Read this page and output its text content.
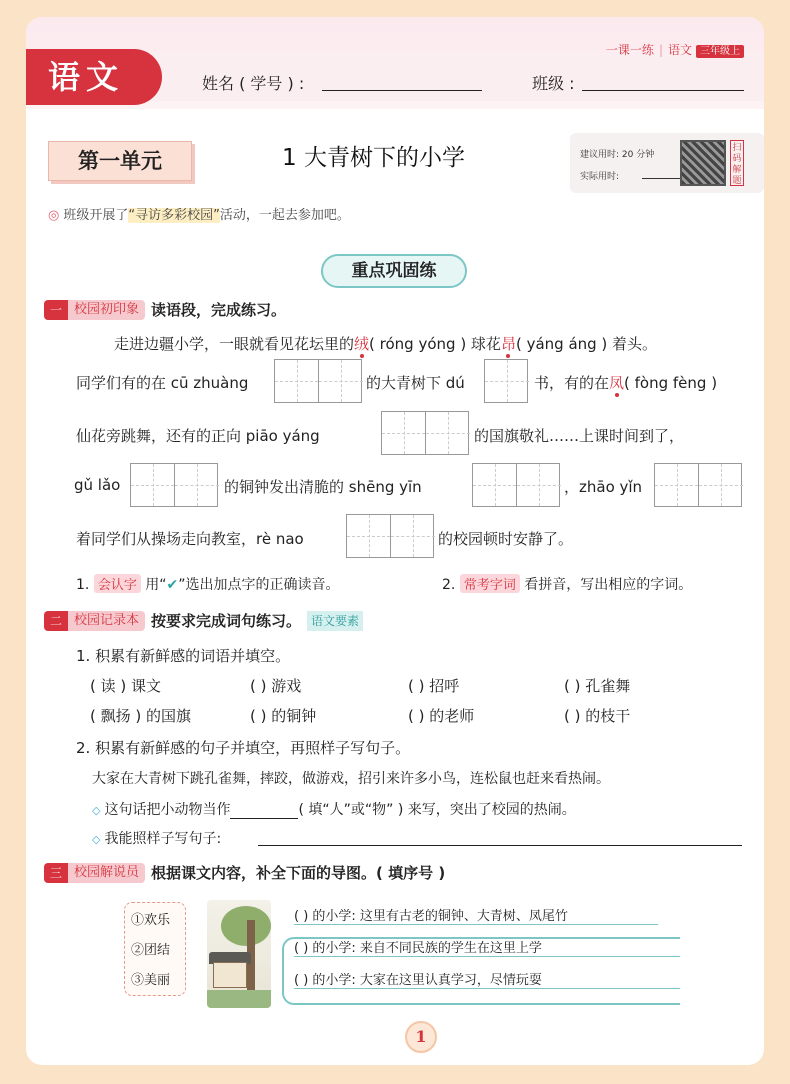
语文
一课一练 | 语文 三年级上
姓名 ( 学号 ) :	班级 :
第一单元	1 大青树下的小学	建议用时: 20 分钟
实际用时:
扫码解题
◎ 班级开展了“寻访多彩校园”活动，一起去参加吧。
重点巩固练
一 校园初印象 读语段，完成练习。
走进边疆小学，一眼就看见花坛里的绒( róng yóng ) 球花昂( yáng áng ) 着头。
同学们有的在 cū zhuàng	的大青树下 dú	书，有的在凤( fòng fèng )
仙花旁跳舞，还有的正向 piāo yáng	的国旗敬礼……上课时间到了，
gǔ lǎo	的铜钟发出清脆的 shēng yīn	，zhāo yǐn
着同学们从操场走向教室，rè nao	的校园顿时安静了。
1. 会认字 用“✔”选出加点字的正确读音。	2. 常考字词 看拼音，写出相应的字词。
二 校园记录本 按要求完成词句练习。 语文要素
1. 积累有新鲜感的词语并填空。
( 读 ) 课文	( ) 游戏	( ) 招呼	( ) 孔雀舞
( 飘扬 ) 的国旗	( ) 的铜钟	( ) 的老师	( ) 的枝干
2. 积累有新鲜感的句子并填空，再照样子写句子。
大家在大青树下跳孔雀舞，摔跤，做游戏，招引来许多小鸟，连松鼠也赶来看热闹。
◇ 这句话把小动物当作	( 填“人”或“物” ) 来写，突出了校园的热闹。
◇ 我能照样子写句子:
三 校园解说员 根据课文内容，补全下面的导图。( 填序号 )
①欢乐
②团结
③美丽
( ) 的小学: 这里有古老的铜钟、大青树、凤尾竹
( ) 的小学: 来自不同民族的学生在这里上学
( ) 的小学: 大家在这里认真学习，尽情玩耍
1
